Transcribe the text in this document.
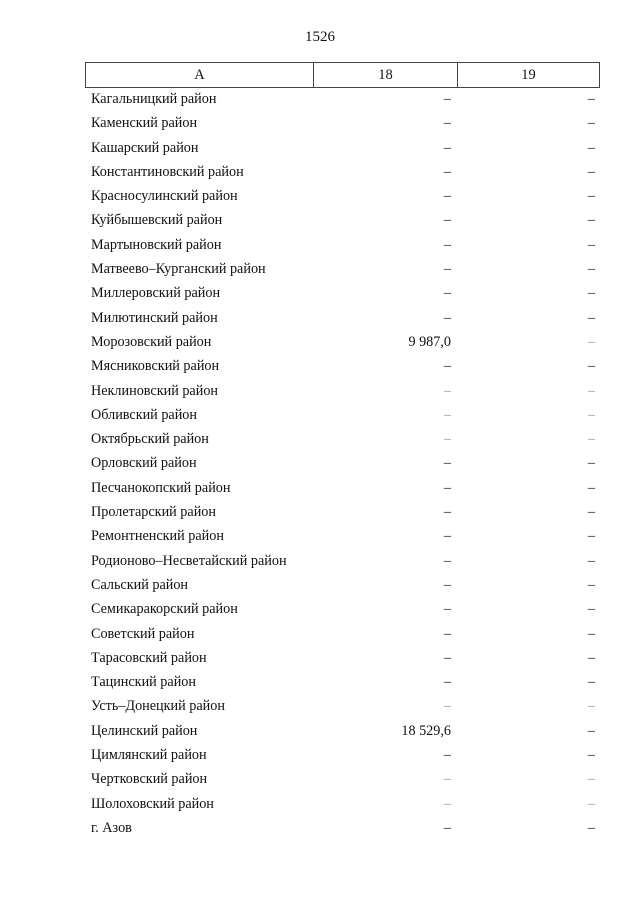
1526
А	18	19
Кагальницкий район	–	–
Каменский район	–	–
Кашарский район	–	–
Константиновский район	–	–
Красносулинский район	–	–
Куйбышевский район	–	–
Мартыновский район	–	–
Матвеево–Курганский район	–	–
Миллеровский район	–	–
Милютинский район	–	–
Морозовский район	9 987,0	–
Мясниковский район	–	–
Неклиновский район	–	–
Обливский район	–	–
Октябрьский район	–	–
Орловский район	–	–
Песчанокопский район	–	–
Пролетарский район	–	–
Ремонтненский район	–	–
Родионово–Несветайский район	–	–
Сальский район	–	–
Семикаракорский район	–	–
Советский район	–	–
Тарасовский район	–	–
Тацинский район	–	–
Усть–Донецкий район	–	–
Целинский район	18 529,6	–
Цимлянский район	–	–
Чертковский район	–	–
Шолоховский район	–	–
г. Азов	–	–
